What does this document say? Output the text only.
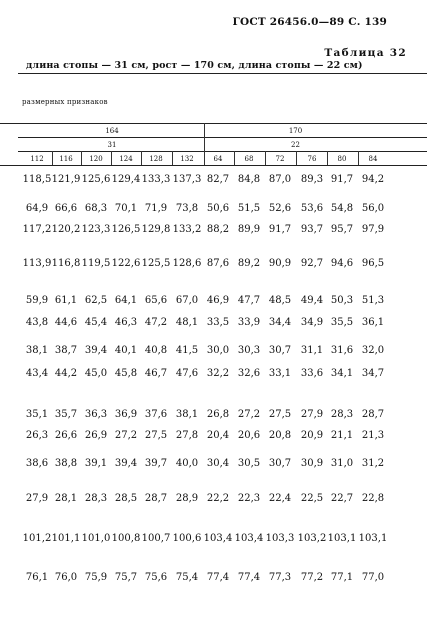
ГОСТ 26456.0—89 С. 139
Таблица 32
длина стопы — 31 см, рост — 170 см, длина стопы — 22 см)
размерных признаков
164
31
170
22
112	116	120	124	128	132	64	68	72	76	80	84
118,5 121,9 125,6 129,4 133,3 137,3 82,7 84,8 87,0 89,3 91,7 94,2
64,9 66,6 68,3 70,1 71,9 73,8 50,6 51,5 52,6 53,6 54,8 56,0
117,2 120,2 123,3 126,5 129,8 133,2 88,2 89,9 91,7 93,7 95,7 97,9
113,9 116,8 119,5 122,6 125,5 128,6 87,6 89,2 90,9 92,7 94,6 96,5
59,9 61,1 62,5 64,1 65,6 67,0 46,9 47,7 48,5 49,4 50,3 51,3
43,8 44,6 45,4 46,3 47,2 48,1 33,5 33,9 34,4 34,9 35,5 36,1
38,1 38,7 39,4 40,1 40,8 41,5 30,0 30,3 30,7 31,1 31,6 32,0
43,4 44,2 45,0 45,8 46,7 47,6 32,2 32,6 33,1 33,6 34,1 34,7
35,1 35,7 36,3 36,9 37,6 38,1 26,8 27,2 27,5 27,9 28,3 28,7
26,3 26,6 26,9 27,2 27,5 27,8 20,4 20,6 20,8 20,9 21,1 21,3
38,6 38,8 39,1 39,4 39,7 40,0 30,4 30,5 30,7 30,9 31,0 31,2
27,9 28,1 28,3 28,5 28,7 28,9 22,2 22,3 22,4 22,5 22,7 22,8
101,2 101,1 101,0 100,8 100,7 100,6 103,4 103,4 103,3 103,2 103,1 103,1
76,1 76,0 75,9 75,7 75,6 75,4 77,4 77,4 77,3 77,2 77,1 77,0
